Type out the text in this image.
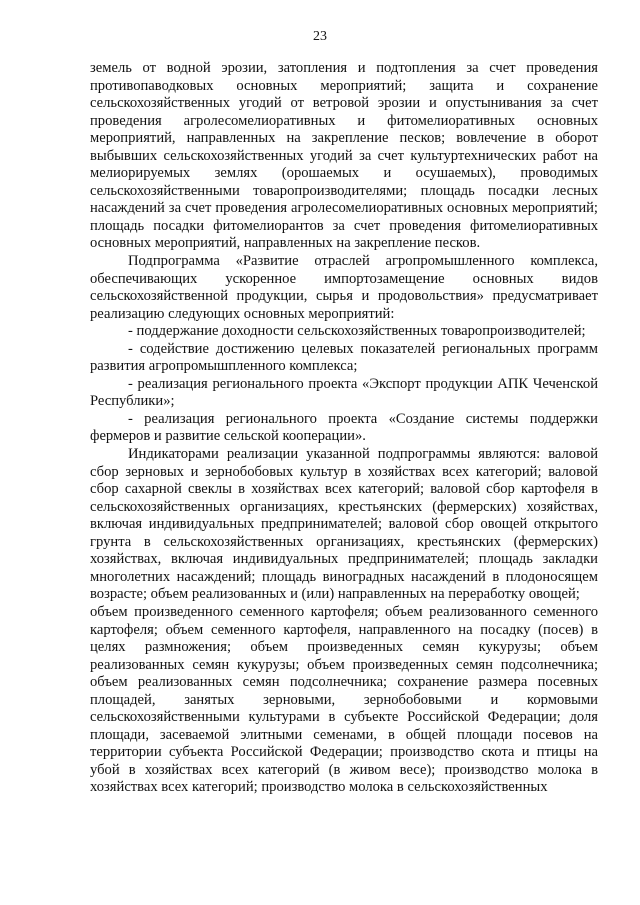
23

земель от водной эрозии, затопления и подтопления за счет проведения противопаводковых основных мероприятий; защита и сохранение сельскохозяйственных угодий от ветровой эрозии и опустынивания за счет проведения агролесомелиоративных и фитомелиоративных основных мероприятий, направленных на закрепление песков; вовлечение в оборот выбывших сельскохозяйственных угодий за счет культуртехнических работ на мелиорируемых землях (орошаемых и осушаемых), проводимых сельскохозяйственными товаропроизводителями; площадь посадки лесных насаждений за счет проведения агролесомелиоративных основных мероприятий; площадь посадки фитомелиорантов за счет проведения фитомелиоративных основных мероприятий, направленных на закрепление песков.

Подпрограмма «Развитие отраслей агропромышленного комплекса, обеспечивающих ускоренное импортозамещение основных видов сельскохозяйственной продукции, сырья и продовольствия» предусматривает реализацию следующих основных мероприятий:

- поддержание доходности сельскохозяйственных товаропроизводителей;

- содействие достижению целевых показателей региональных программ развития агропромышпленного комплекса;

- реализация регионального проекта «Экспорт продукции АПК Чеченской Республики»;

- реализация регионального проекта «Создание системы поддержки фермеров и развитие сельской кооперации».

Индикаторами реализации указанной подпрограммы являются: валовой сбор зерновых и зернобобовых культур в хозяйствах всех категорий; валовой сбор сахарной свеклы в хозяйствах всех категорий; валовой сбор картофеля в сельскохозяйственных организациях, крестьянских (фермерских) хозяйствах, включая индивидуальных предпринимателей; валовой сбор овощей открытого грунта в сельскохозяйственных организациях, крестьянских (фермерских) хозяйствах, включая индивидуальных предпринимателей; площадь закладки многолетних насаждений; площадь виноградных насаждений в плодоносящем возрасте; объем реализованных и (или) направленных на переработку овощей;

объем произведенного семенного картофеля; объем реализованного семенного картофеля; объем семенного картофеля, направленного на посадку (посев) в целях размножения; объем произведенных семян кукурузы; объем реализованных семян кукурузы; объем произведенных семян подсолнечника; объем реализованных семян подсолнечника; сохранение размера посевных площадей, занятых зерновыми, зернобобовыми и кормовыми сельскохозяйственными культурами в субъекте Российской Федерации; доля площади, засеваемой элитными семенами, в общей площади посевов на территории субъекта Российской Федерации; производство скота и птицы на убой в хозяйствах всех категорий (в живом весе); производство молока в хозяйствах всех категорий; производство молока в сельскохозяйственных
